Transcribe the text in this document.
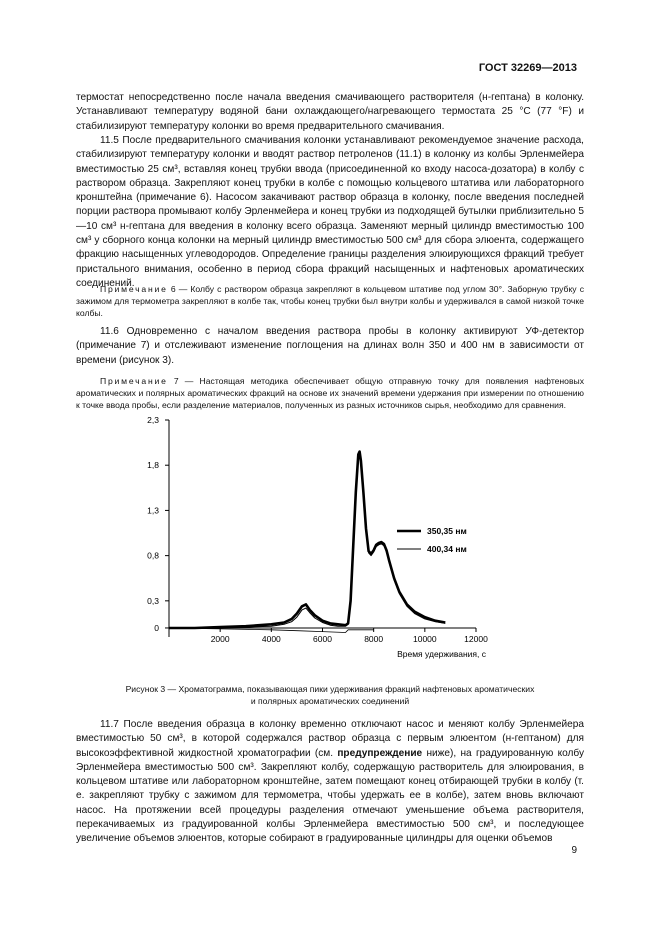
ГОСТ 32269—2013

термостат непосредственно после начала введения смачивающего растворителя (н-гептана) в колонку. Устанавливают температуру водяной бани охлаждающего/нагревающего термостата 25 °С (77 °F) и стабилизируют температуру колонки во время предварительного смачивания.

11.5 После предварительного смачивания колонки устанавливают рекомендуемое значение расхода, стабилизируют температуру колонки и вводят раствор петроленов (11.1) в колонку из колбы Эрленмейера вместимостью 25 см³, вставляя конец трубки ввода (присоединенной ко входу насоса-дозатора) в колбу с раствором образца. Закрепляют конец трубки в колбе с помощью кольцевого штатива или лабораторного кронштейна (примечание 6). Насосом закачивают раствор образца в колонку, после введения последней порции раствора промывают колбу Эрленмейера и конец трубки из подходящей бутылки приблизительно 5—10 см³ н-гептана для введения в колонку всего образца. Заменяют мерный цилиндр вместимостью 100 см³ у сборного конца колонки на мерный цилиндр вместимостью 500 см³ для сбора элюента, содержащего фракцию насыщенных углеводородов. Определение границы разделения элюирующихся фракций требует пристального внимания, особенно в период сбора фракций насыщенных и нафтеновых ароматических соединений.

Примечание 6 — Колбу с раствором образца закрепляют в кольцевом штативе под углом 30°. Заборную трубку с зажимом для термометра закрепляют в колбе так, чтобы конец трубки был внутри колбы и удерживался в самой низкой точке колбы.

11.6 Одновременно с началом введения раствора пробы в колонку активируют УФ-детектор (примечание 7) и отслеживают изменение поглощения на длинах волн 350 и 400 нм в зависимости от времени (рисунок 3).

Примечание 7 — Настоящая методика обеспечивает общую отправную точку для появления нафтеновых ароматических и полярных ароматических фракций на основе их значений времени удержания при измерении по отношению к точке ввода пробы, если разделение материалов, полученных из разных источников сырья, необходимо для сравнения.

0
0,3
0,8
1,3
1,8
2,3
2000	4000	6000	8000	10000	12000
350,35 нм
400,34 нм
Время удерживания, с
Рисунок 3 — Хроматограмма, показывающая пики удерживания фракций нафтеновых ароматических
и полярных ароматических соединений

11.7 После введения образца в колонку временно отключают насос и меняют колбу Эрленмейера вместимостью 50 см³, в которой содержался раствор образца с первым элюентом (н-гептаном) для высокоэффективной жидкостной хроматографии (см. предупреждение ниже), на градуированную колбу Эрленмейера вместимостью 500 см³. Закрепляют колбу, содержащую растворитель для элюирования, в кольцевом штативе или лабораторном кронштейне, затем помещают конец отбирающей трубки в колбу (т. е. закрепляют трубку с зажимом для термометра, чтобы удержать ее в колбе), затем вновь включают насос. На протяжении всей процедуры разделения отмечают уменьшение объема растворителя, перекачиваемых из градуированной колбы Эрленмейера вместимостью 500 см³, и последующее увеличение объемов элюентов, которые собирают в градуированные цилиндры для оценки объемов

9
